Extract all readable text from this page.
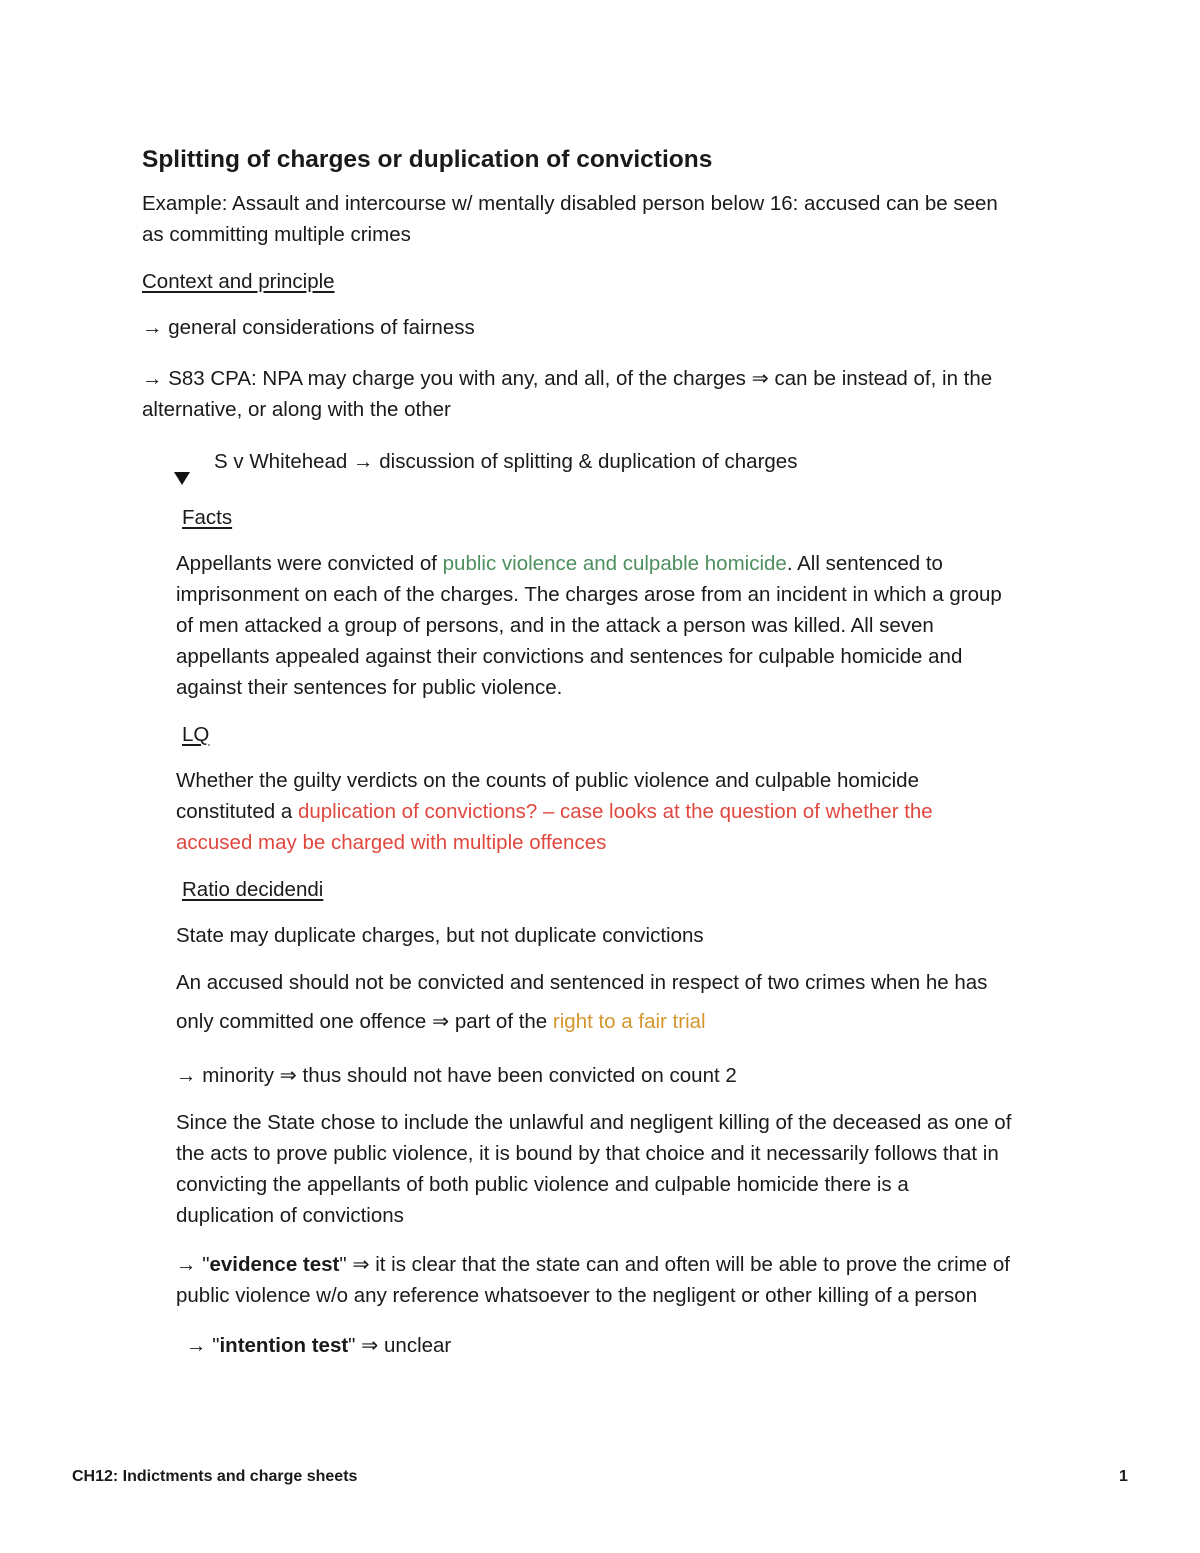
Splitting of charges or duplication of convictions
Example: Assault and intercourse w/ mentally disabled person below 16: accused can be seen
as committing multiple crimes
Context and principle
→ general considerations of fairness
→ S83 CPA: NPA may charge you with any, and all, of the charges ⇒ can be instead of, in the
alternative, or along with the other
S v Whitehead → discussion of splitting & duplication of charges
Facts
Appellants were convicted of public violence and culpable homicide. All sentenced to
imprisonment on each of the charges. The charges arose from an incident in which a group
of men attacked a group of persons, and in the attack a person was killed. All seven
appellants appealed against their convictions and sentences for culpable homicide and
against their sentences for public violence.
LQ
Whether the guilty verdicts on the counts of public violence and culpable homicide
constituted a duplication of convictions? – case looks at the question of whether the
accused may be charged with multiple offences
Ratio decidendi
State may duplicate charges, but not duplicate convictions
An accused should not be convicted and sentenced in respect of two crimes when he has
only committed one offence ⇒ part of the right to a fair trial
→ minority ⇒ thus should not have been convicted on count 2
Since the State chose to include the unlawful and negligent killing of the deceased as one of
the acts to prove public violence, it is bound by that choice and it necessarily follows that in
convicting the appellants of both public violence and culpable homicide there is a
duplication of convictions
→ "evidence test" ⇒ it is clear that the state can and often will be able to prove the crime of
public violence w/o any reference whatsoever to the negligent or other killing of a person
→ "intention test" ⇒ unclear
CH12: Indictments and charge sheets	1
